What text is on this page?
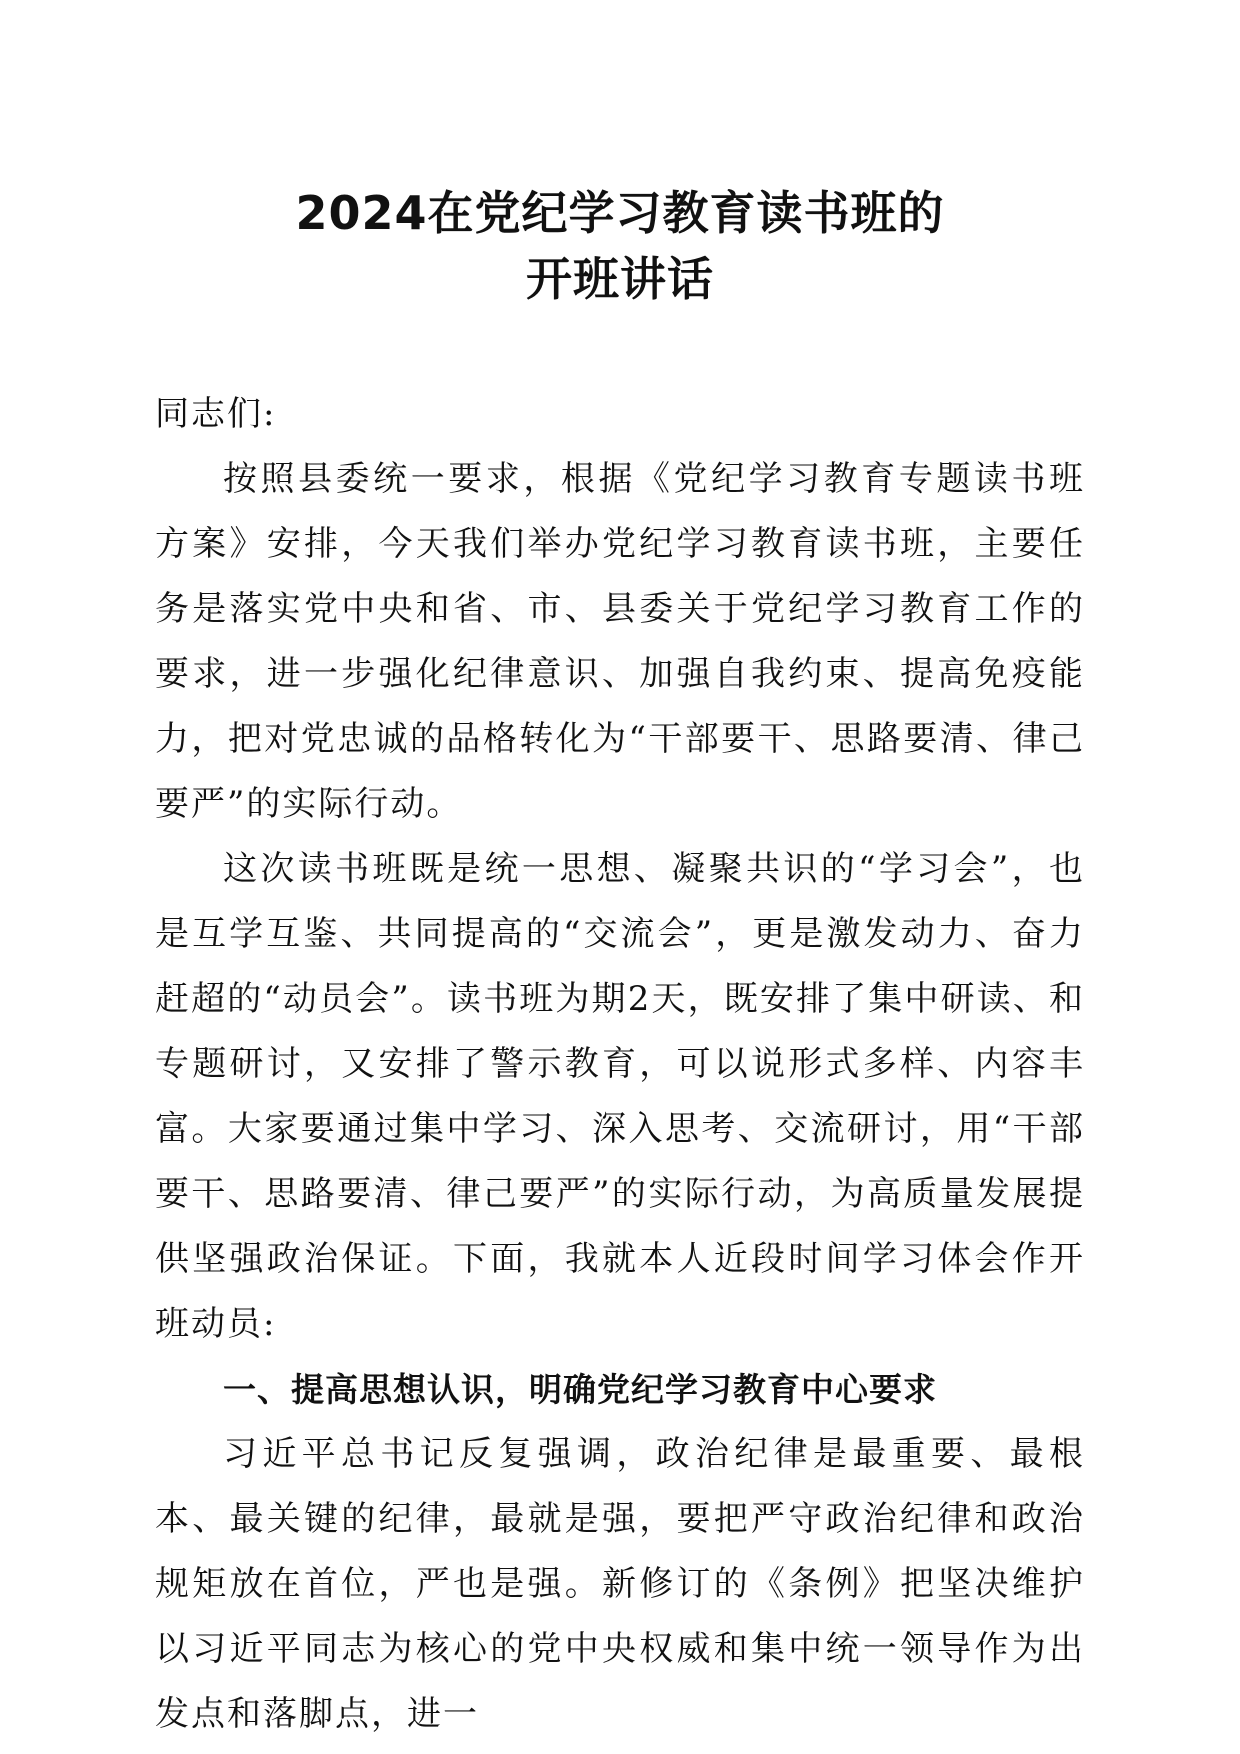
2024在党纪学习教育读书班的
开班讲话

同志们:

按照县委统一要求，根据《党纪学习教育专题读书班方案》安排，今天我们举办党纪学习教育读书班，主要任务是落实党中央和省、市、县委关于党纪学习教育工作的要求，进一步强化纪律意识、加强自我约束、提高免疫能力，把对党忠诚的品格转化为“干部要干、思路要清、律己要严”的实际行动。

这次读书班既是统一思想、凝聚共识的“学习会”，也是互学互鉴、共同提高的“交流会”，更是激发动力、奋力赶超的“动员会”。读书班为期2天，既安排了集中研读、和专题研讨，又安排了警示教育，可以说形式多样、内容丰富。大家要通过集中学习、深入思考、交流研讨，用“干部要干、思路要清、律己要严”的实际行动，为高质量发展提供坚强政治保证。下面，我就本人近段时间学习体会作开班动员:

一、提高思想认识，明确党纪学习教育中心要求

习近平总书记反复强调，政治纪律是最重要、最根本、最关键的纪律，最就是强，要把严守政治纪律和政治规矩放在首位，严也是强。新修订的《条例》把坚决维护以习近平同志为核心的党中央权威和集中统一领导作为出发点和落脚点，进一
